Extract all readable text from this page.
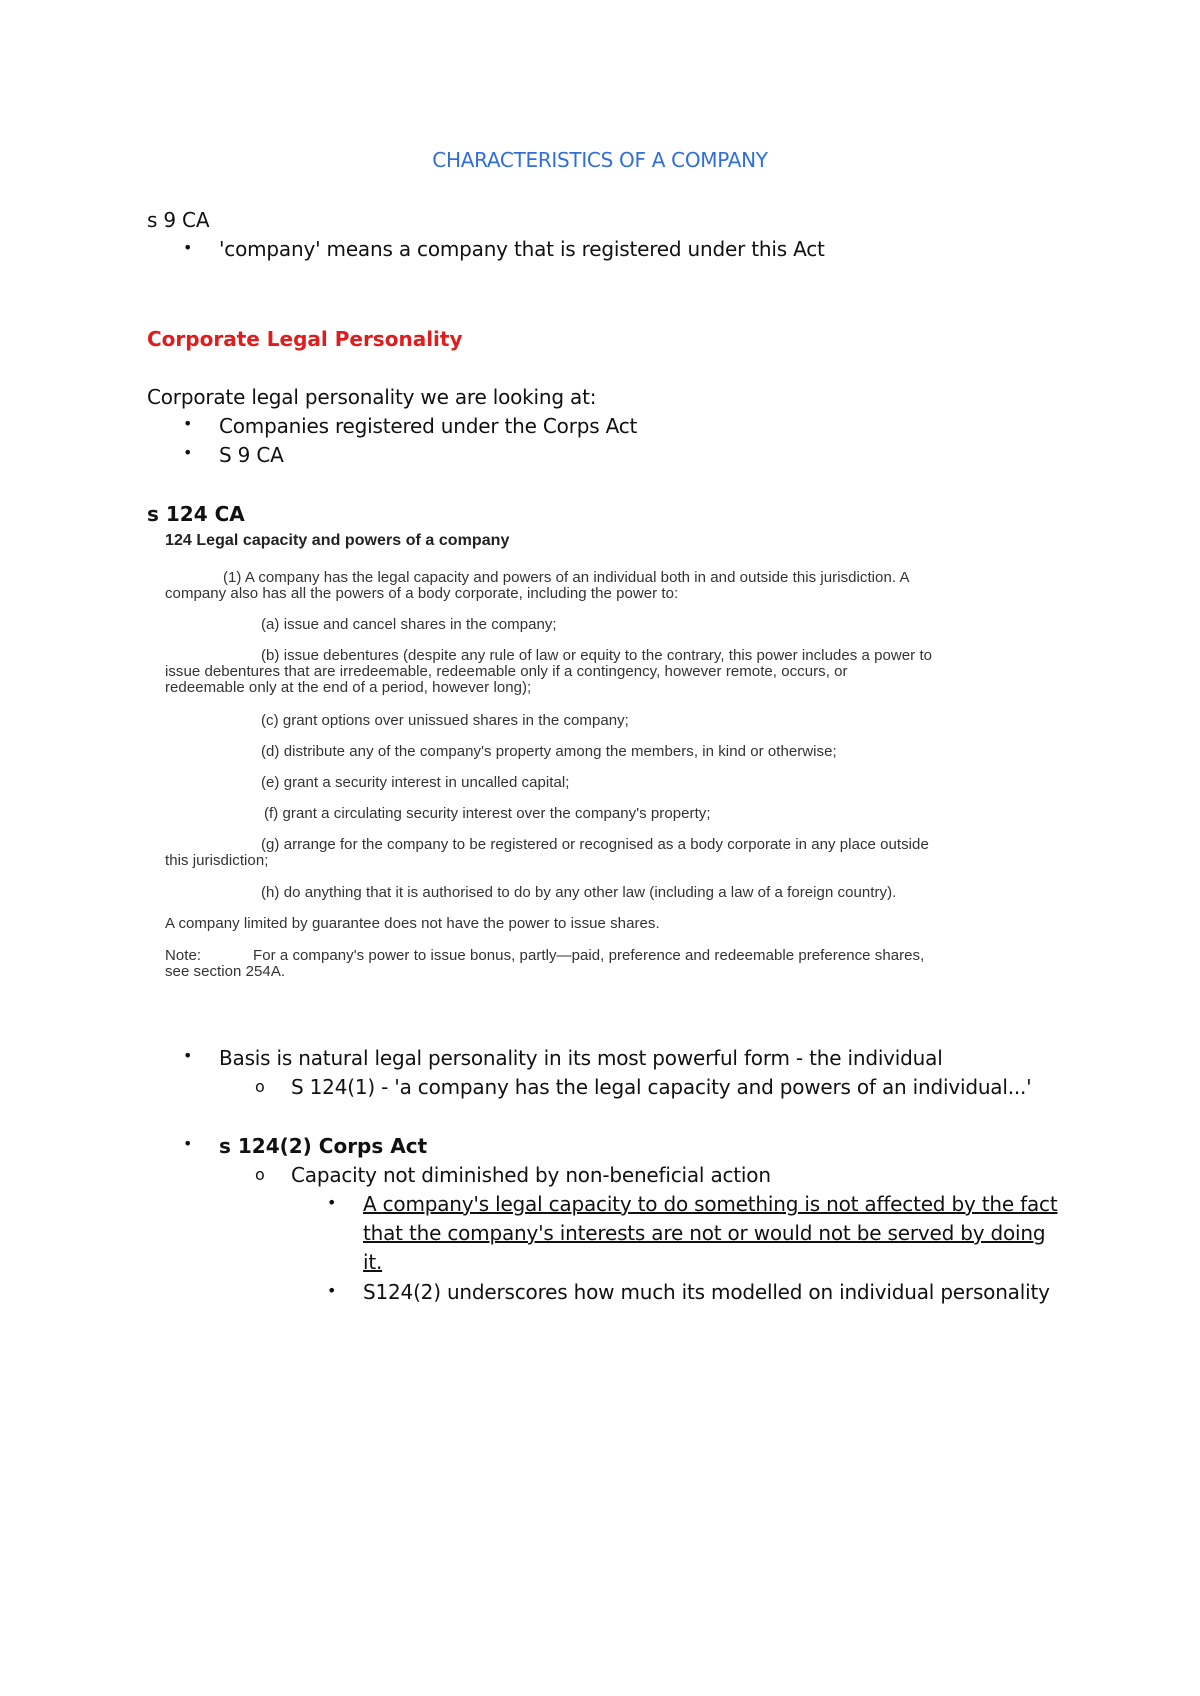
CHARACTERISTICS OF A COMPANY
s 9 CA
• 'company' means a company that is registered under this Act
Corporate Legal Personality
Corporate legal personality we are looking at:
• Companies registered under the Corps Act
• S 9 CA
s 124 CA
124 Legal capacity and powers of a company
(1) A company has the legal capacity and powers of an individual both in and outside this jurisdiction. A
company also has all the powers of a body corporate, including the power to:
(a) issue and cancel shares in the company;
(b) issue debentures (despite any rule of law or equity to the contrary, this power includes a power to
issue debentures that are irredeemable, redeemable only if a contingency, however remote, occurs, or
redeemable only at the end of a period, however long);
(c) grant options over unissued shares in the company;
(d) distribute any of the company's property among the members, in kind or otherwise;
(e) grant a security interest in uncalled capital;
(f) grant a circulating security interest over the company's property;
(g) arrange for the company to be registered or recognised as a body corporate in any place outside
this jurisdiction;
(h) do anything that it is authorised to do by any other law (including a law of a foreign country).
A company limited by guarantee does not have the power to issue shares.
Note:	For a company's power to issue bonus, partly—paid, preference and redeemable preference shares,
see section 254A.
• Basis is natural legal personality in its most powerful form - the individual
o S 124(1) - 'a company has the legal capacity and powers of an individual...'
• s 124(2) Corps Act
o Capacity not diminished by non-beneficial action
• A company's legal capacity to do something is not affected by the fact
that the company's interests are not or would not be served by doing
it.
• S124(2) underscores how much its modelled on individual personality
